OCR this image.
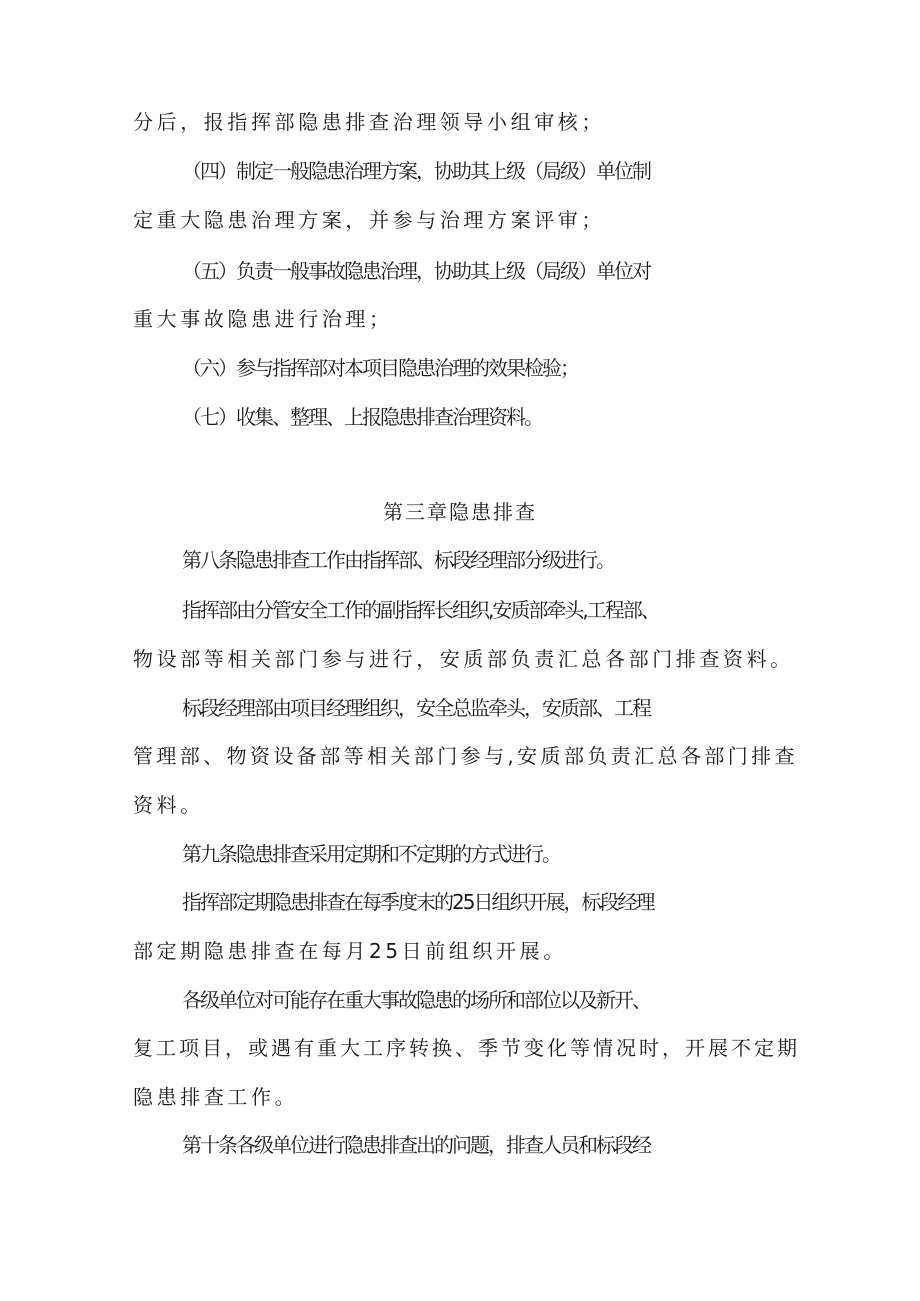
分后，报指挥部隐患排查治理领导小组审核；
（四）制定一般隐患治理方案，协助其上级（局级）单位制
定重大隐患治理方案，并参与治理方案评审；
（五）负责一般事故隐患治理，协助其上级（局级）单位对
重大事故隐患进行治理；
（六）参与指挥部对本项目隐患治理的效果检验；
（七）收集、整理、上报隐患排查治理资料。
第三章隐患排查
第八条隐患排查工作由指挥部、标段经理部分级进行。
指挥部由分管安全工作的副指挥长组织,安质部牵头,工程部、
物设部等相关部门参与进行，安质部负责汇总各部门排查资料。
标段经理部由项目经理组织，安全总监牵头，安质部、工程
管理部、物资设备部等相关部门参与,安质部负责汇总各部门排查
资料。
第九条隐患排查采用定期和不定期的方式进行。
指挥部定期隐患排查在每季度末的25日组织开展，标段经理
部定期隐患排查在每月25日前组织开展。
各级单位对可能存在重大事故隐患的场所和部位以及新开、
复工项目，或遇有重大工序转换、季节变化等情况时，开展不定期
隐患排查工作。
第十条各级单位进行隐患排查出的问题，排查人员和标段经
